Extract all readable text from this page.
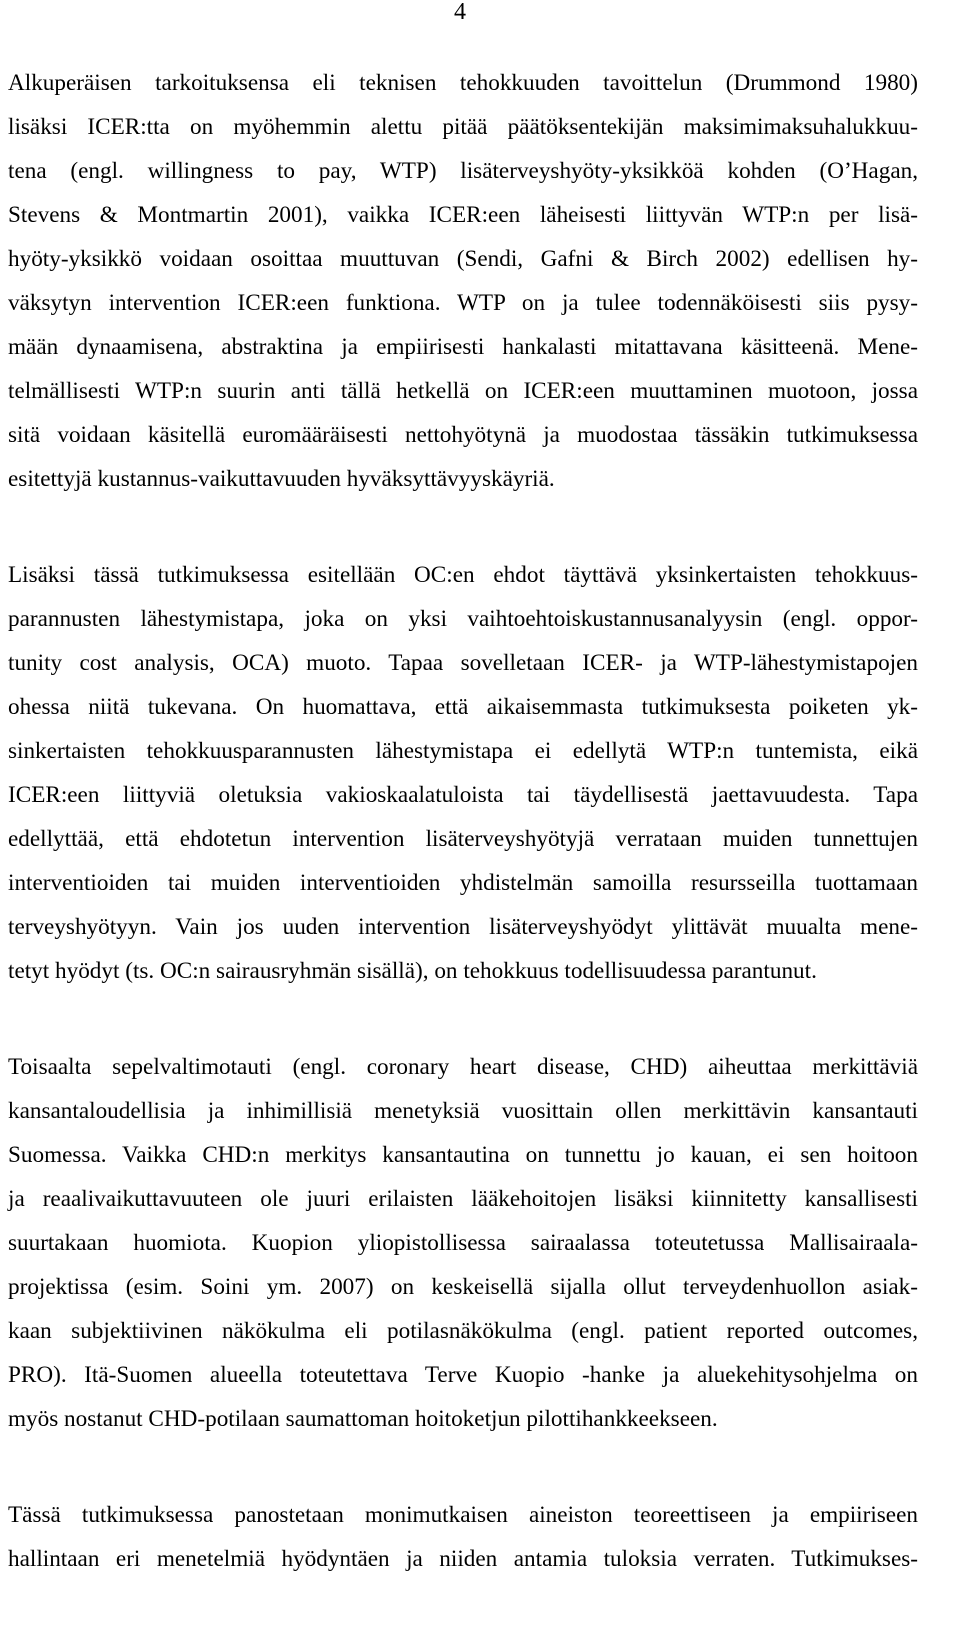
4
Alkuperäisen tarkoituksensa eli teknisen tehokkuuden tavoittelun (Drummond 1980)
lisäksi ICER:tta on myöhemmin alettu pitää päätöksentekijän maksimimaksuhalukkuu-
tena (engl. willingness to pay, WTP) lisäterveyshyöty-yksikköä kohden (O’Hagan,
Stevens & Montmartin 2001), vaikka ICER:een läheisesti liittyvän WTP:n per lisä-
hyöty-yksikkö voidaan osoittaa muuttuvan (Sendi, Gafni & Birch 2002) edellisen hy-
väksytyn intervention ICER:een funktiona. WTP on ja tulee todennäköisesti siis pysy-
mään dynaamisena, abstraktina ja empiirisesti hankalasti mitattavana käsitteenä. Mene-
telmällisesti WTP:n suurin anti tällä hetkellä on ICER:een muuttaminen muotoon, jossa
sitä voidaan käsitellä euromääräisesti nettohyötynä ja muodostaa tässäkin tutkimuksessa
esitettyjä kustannus-vaikuttavuuden hyväksyttävyyskäyriä.
Lisäksi tässä tutkimuksessa esitellään OC:en ehdot täyttävä yksinkertaisten tehokkuus-
parannusten lähestymistapa, joka on yksi vaihtoehtoiskustannusanalyysin (engl. oppor-
tunity cost analysis, OCA) muoto. Tapaa sovelletaan ICER- ja WTP-lähestymistapojen
ohessa niitä tukevana. On huomattava, että aikaisemmasta tutkimuksesta poiketen yk-
sinkertaisten tehokkuusparannusten lähestymistapa ei edellytä WTP:n tuntemista, eikä
ICER:een liittyviä oletuksia vakioskaalatuloista tai täydellisestä jaettavuudesta. Tapa
edellyttää, että ehdotetun intervention lisäterveyshyötyjä verrataan muiden tunnettujen
interventioiden tai muiden interventioiden yhdistelmän samoilla resursseilla tuottamaan
terveyshyötyyn. Vain jos uuden intervention lisäterveyshyödyt ylittävät muualta mene-
tetyt hyödyt (ts. OC:n sairausryhmän sisällä), on tehokkuus todellisuudessa parantunut.
Toisaalta sepelvaltimotauti (engl. coronary heart disease, CHD) aiheuttaa merkittäviä
kansantaloudellisia ja inhimillisiä menetyksiä vuosittain ollen merkittävin kansantauti
Suomessa. Vaikka CHD:n merkitys kansantautina on tunnettu jo kauan, ei sen hoitoon
ja reaalivaikuttavuuteen ole juuri erilaisten lääkehoitojen lisäksi kiinnitetty kansallisesti
suurtakaan huomiota. Kuopion yliopistollisessa sairaalassa toteutetussa Mallisairaala-
projektissa (esim. Soini ym. 2007) on keskeisellä sijalla ollut terveydenhuollon asiak-
kaan subjektiivinen näkökulma eli potilasnäkökulma (engl. patient reported outcomes,
PRO). Itä-Suomen alueella toteutettava Terve Kuopio -hanke ja aluekehitysohjelma on
myös nostanut CHD-potilaan saumattoman hoitoketjun pilottihankkeekseen.
Tässä tutkimuksessa panostetaan monimutkaisen aineiston teoreettiseen ja empiiriseen
hallintaan eri menetelmiä hyödyntäen ja niiden antamia tuloksia verraten. Tutkimukses-
